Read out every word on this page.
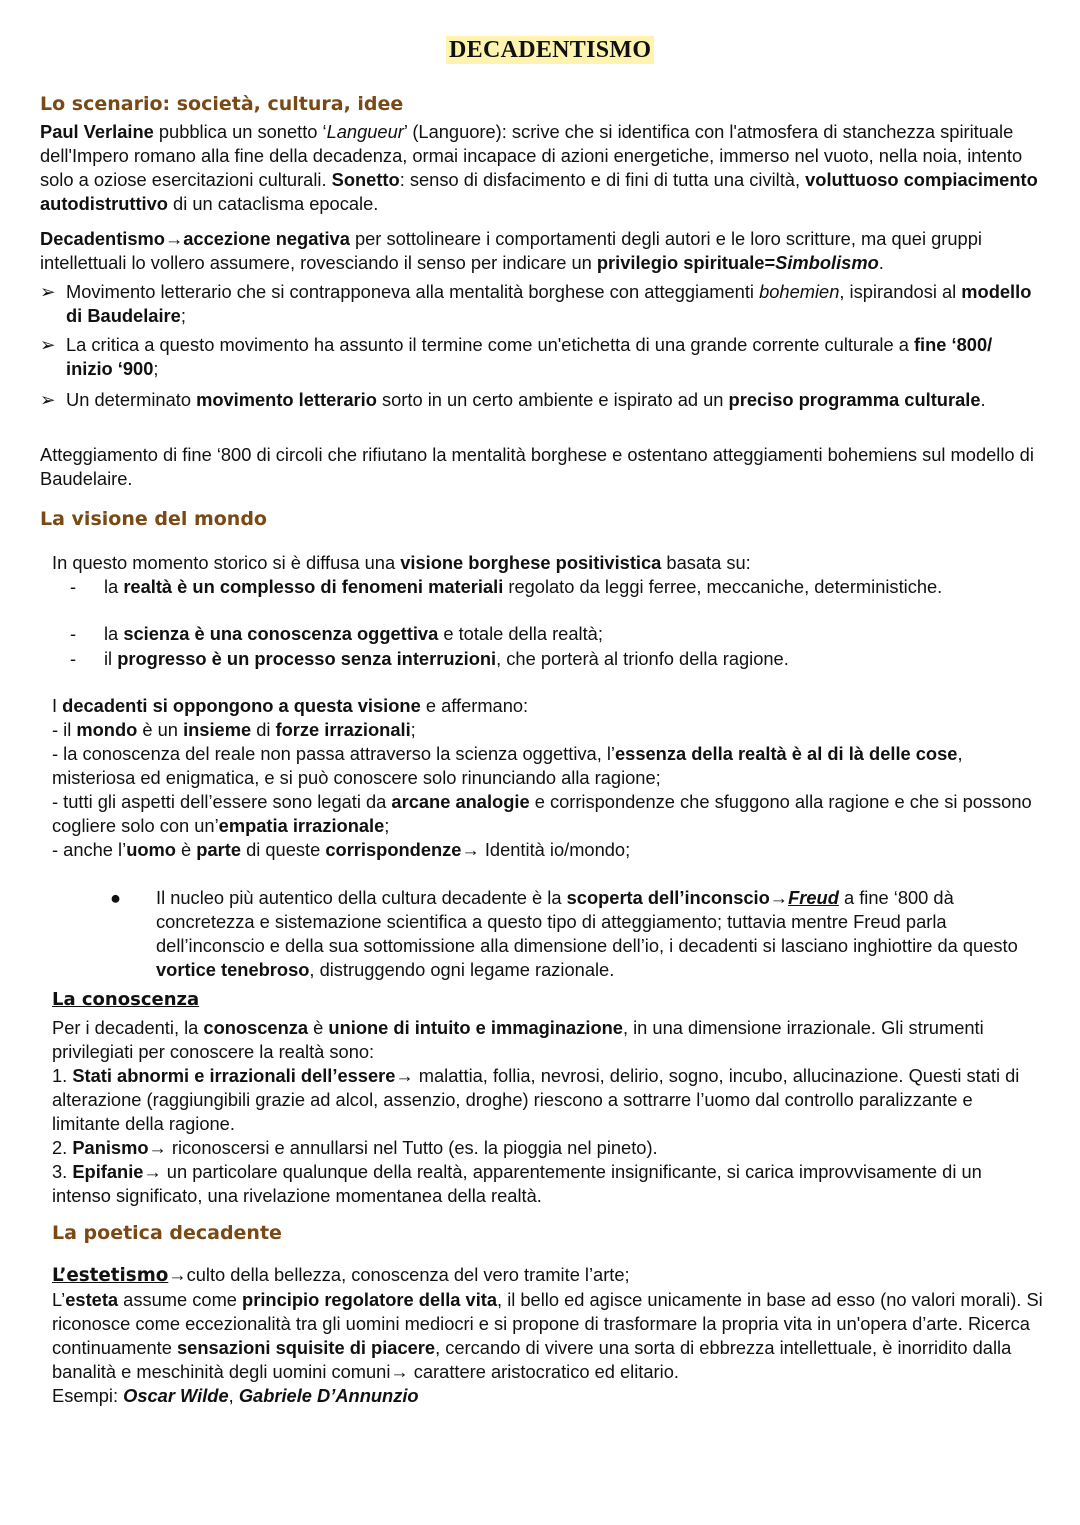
DECADENTISMO
Lo scenario: società, cultura, idee
Paul Verlaine pubblica un sonetto ‘Langueur’ (Languore): scrive che si identifica con l'atmosfera di stanchezza spirituale dell'Impero romano alla fine della decadenza, ormai incapace di azioni energetiche, immerso nel vuoto, nella noia, intento solo a oziose esercitazioni culturali. Sonetto: senso di disfacimento e di fini di tutta una civiltà, voluttuoso compiacimento autodistruttivo di un cataclisma epocale.
Decadentismo→accezione negativa per sottolineare i comportamenti degli autori e le loro scritture, ma quei gruppi intellettuali lo vollero assumere, rovesciando il senso per indicare un privilegio spirituale=Simbolismo.
➢ Movimento letterario che si contrapponeva alla mentalità borghese con atteggiamenti bohemien, ispirandosi al modello di Baudelaire;
➢ La critica a questo movimento ha assunto il termine come un'etichetta di una grande corrente culturale a fine ‘800/ inizio ‘900;
➢ Un determinato movimento letterario sorto in un certo ambiente e ispirato ad un preciso programma culturale.
Atteggiamento di fine ‘800 di circoli che rifiutano la mentalità borghese e ostentano atteggiamenti bohemiens sul modello di Baudelaire.
La visione del mondo
In questo momento storico si è diffusa una visione borghese positivistica basata su:
- la realtà è un complesso di fenomeni materiali regolato da leggi ferree, meccaniche, deterministiche.
- la scienza è una conoscenza oggettiva e totale della realtà;
- il progresso è un processo senza interruzioni, che porterà al trionfo della ragione.
I decadenti si oppongono a questa visione e affermano:
- il mondo è un insieme di forze irrazionali;
- la conoscenza del reale non passa attraverso la scienza oggettiva, l’essenza della realtà è al di là delle cose, misteriosa ed enigmatica, e si può conoscere solo rinunciando alla ragione;
- tutti gli aspetti dell’essere sono legati da arcane analogie e corrispondenze che sfuggono alla ragione e che si possono cogliere solo con un’empatia irrazionale;
- anche l’uomo è parte di queste corrispondenze→ Identità io/mondo;
● Il nucleo più autentico della cultura decadente è la scoperta dell’inconscio→Freud a fine ‘800 dà concretezza e sistemazione scientifica a questo tipo di atteggiamento; tuttavia mentre Freud parla dell’inconscio e della sua sottomissione alla dimensione dell’io, i decadenti si lasciano inghiottire da questo vortice tenebroso, distruggendo ogni legame razionale.
La conoscenza
Per i decadenti, la conoscenza è unione di intuito e immaginazione, in una dimensione irrazionale. Gli strumenti privilegiati per conoscere la realtà sono:
1. Stati abnormi e irrazionali dell’essere→ malattia, follia, nevrosi, delirio, sogno, incubo, allucinazione. Questi stati di alterazione (raggiungibili grazie ad alcol, assenzio, droghe) riescono a sottrarre l’uomo dal controllo paralizzante e limitante della ragione.
2. Panismo→ riconoscersi e annullarsi nel Tutto (es. la pioggia nel pineto).
3. Epifanie→ un particolare qualunque della realtà, apparentemente insignificante, si carica improvvisamente di un intenso significato, una rivelazione momentanea della realtà.
La poetica decadente
L’estetismo→culto della bellezza, conoscenza del vero tramite l’arte;
L’esteta assume come principio regolatore della vita, il bello ed agisce unicamente in base ad esso (no valori morali). Si riconosce come eccezionalità tra gli uomini mediocri e si propone di trasformare la propria vita in un'opera d’arte. Ricerca continuamente sensazioni squisite di piacere, cercando di vivere una sorta di ebbrezza intellettuale, è inorridito dalla banalità e meschinità degli uomini comuni→ carattere aristocratico ed elitario.
Esempi: Oscar Wilde, Gabriele D’Annunzio
